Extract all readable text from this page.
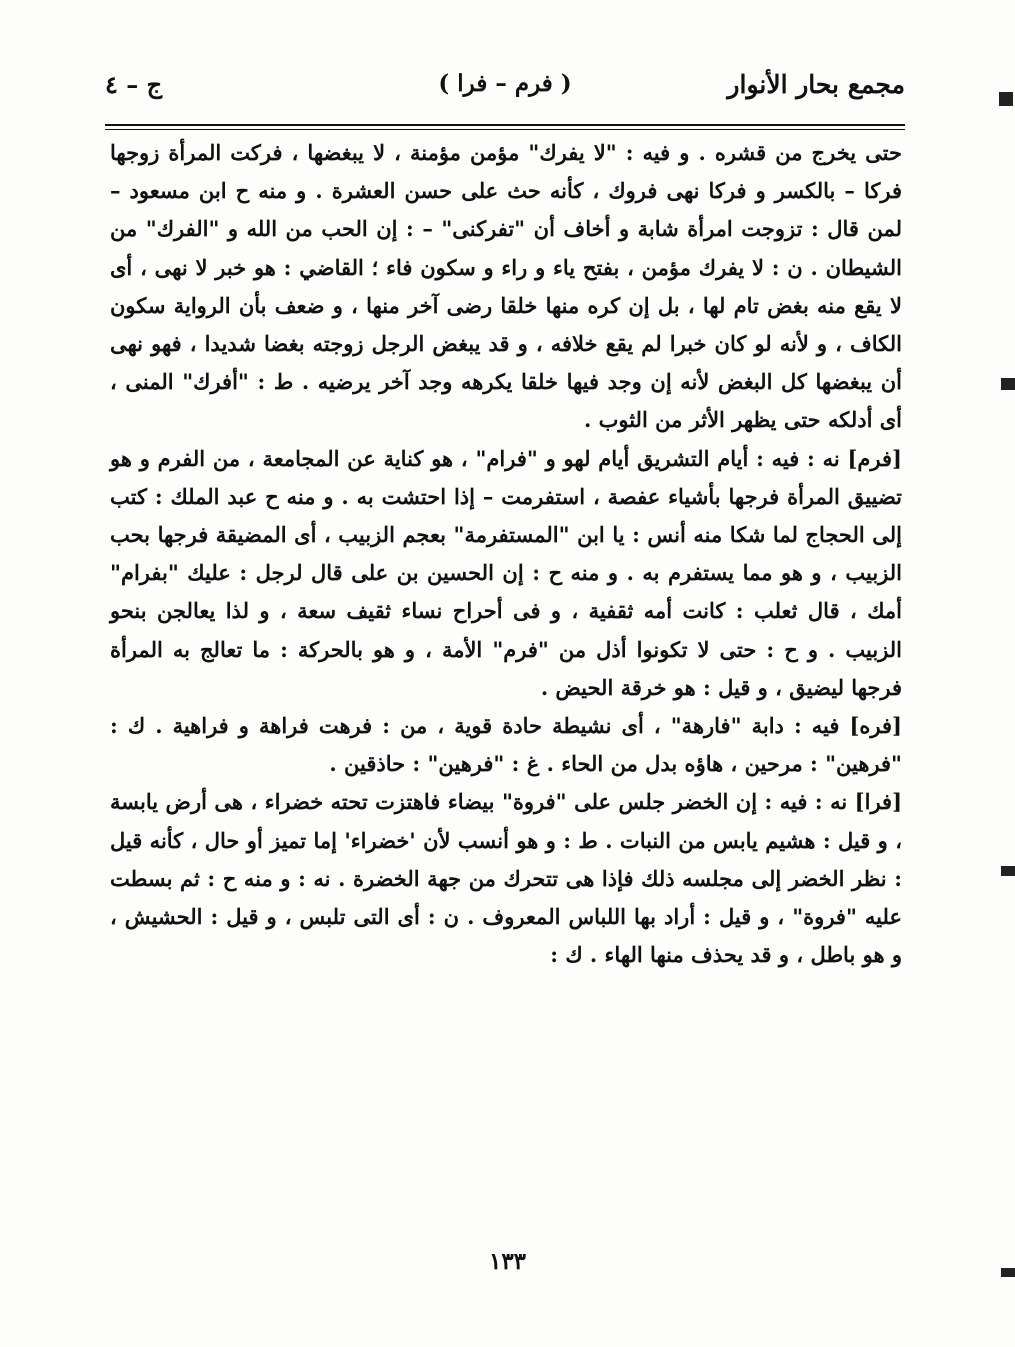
مجمع بحار الأنوار
( فرم – فرا )
ج – ٤

حتى يخرج من قشره . و فيه : "لا يفرك" مؤمن مؤمنة ، لا يبغضها ، فركت المرأة زوجها فركا – بالكسر و فركا نهى فروك ، كأنه حث على حسن العشرة . و منه ح ابن مسعود – لمن قال : تزوجت امرأة شابة و أخاف أن "تفركنى" – : إن الحب من الله و "الفرك" من الشيطان . ن : لا يفرك مؤمن ، بفتح ياء و راء و سكون فاء ؛ القاضي : هو خبر لا نهى ، أى لا يقع منه بغض تام لها ، بل إن كره منها خلقا رضى آخر منها ، و ضعف بأن الرواية سكون الكاف ، و لأنه لو كان خبرا لم يقع خلافه ، و قد يبغض الرجل زوجته بغضا شديدا ، فهو نهى أن يبغضها كل البغض لأنه إن وجد فيها خلقا يكرهه وجد آخر يرضيه . ط : "أفرك" المنى ، أى أدلكه حتى يظهر الأثر من الثوب .

[فرم] نه : فيه : أيام التشريق أيام لهو و "فرام" ، هو كناية عن المجامعة ، من الفرم و هو تضييق المرأة فرجها بأشياء عفصة ، استفرمت – إذا احتشت به . و منه ح عبد الملك : كتب إلى الحجاج لما شكا منه أنس : يا ابن "المستفرمة" بعجم الزبيب ، أى المضيقة فرجها بحب الزبيب ، و هو مما يستفرم به . و منه ح : إن الحسين بن على قال لرجل : عليك "بفرام" أمك ، قال ثعلب : كانت أمه ثقفية ، و فى أحراح نساء ثقيف سعة ، و لذا يعالجن بنحو الزبيب . و ح : حتى لا تكونوا أذل من "فرم" الأمة ، و هو بالحركة : ما تعالج به المرأة فرجها ليضيق ، و قيل : هو خرقة الحيض .

[فره] فيه : دابة "فارهة" ، أى نشيطة حادة قوية ، من : فرهت فراهة و فراهية . ك : "فرهين" : مرحين ، هاؤه بدل من الحاء . غ : "فرهين" : حاذقين .

[فرا] نه : فيه : إن الخضر جلس على "فروة" بيضاء فاهتزت تحته خضراء ، هى أرض يابسة ، و قيل : هشيم يابس من النبات . ط : و هو أنسب لأن 'خضراء' إما تميز أو حال ، كأنه قيل : نظر الخضر إلى مجلسه ذلك فإذا هى تتحرك من جهة الخضرة . نه : و منه ح : ثم بسطت عليه "فروة" ، و قيل : أراد بها اللباس المعروف . ن : أى التى تلبس ، و قيل : الحشيش ، و هو باطل ، و قد يحذف منها الهاء . ك :

١٣٣
